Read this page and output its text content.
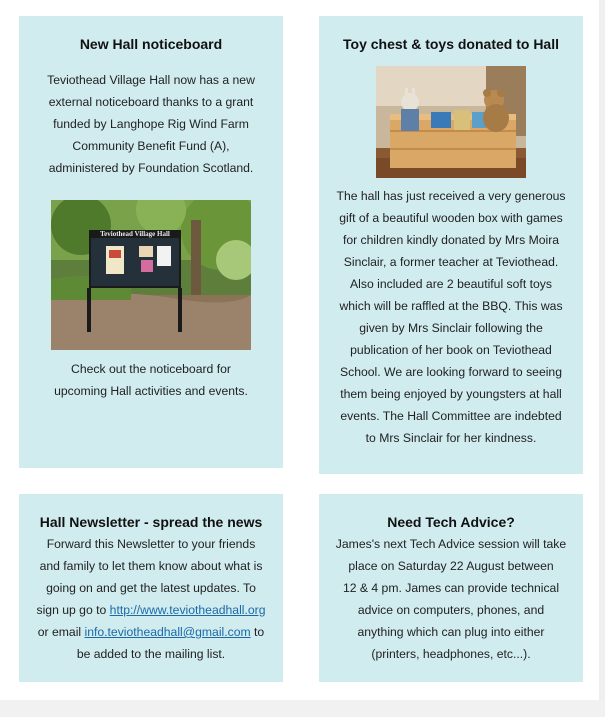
New Hall noticeboard

Teviothead Village Hall now has a new

external noticeboard thanks to a grant

funded by Langhope Rig Wind Farm

Community Benefit Fund (A),

administered by Foundation Scotland.

Teviothead Village Hall

Check out the noticeboard for

upcoming Hall activities and events.

Toy chest & toys donated to Hall

The hall has just received a very generous

gift of a beautiful wooden box with games

for children kindly donated by Mrs Moira

Sinclair, a former teacher at Teviothead.

Also included are 2 beautiful soft toys

which will be raffled at the BBQ. This was

given by Mrs Sinclair following the

publication of her book on Teviothead

School. We are looking forward to seeing

them being enjoyed by youngsters at hall

events. The Hall Committee are indebted

to Mrs Sinclair for her kindness.

Hall Newsletter - spread the news

Forward this Newsletter to your friends

and family to let them know about what is

going on and get the latest updates. To

sign up go to http://www.teviotheadhall.org

or email info.teviotheadhall@gmail.com to

be added to the mailing list.

Need Tech Advice?

James's next Tech Advice session will take

place on Saturday 22 August between

12 & 4 pm. James can provide technical

advice on computers, phones, and

anything which can plug into either

(printers, headphones, etc...).
